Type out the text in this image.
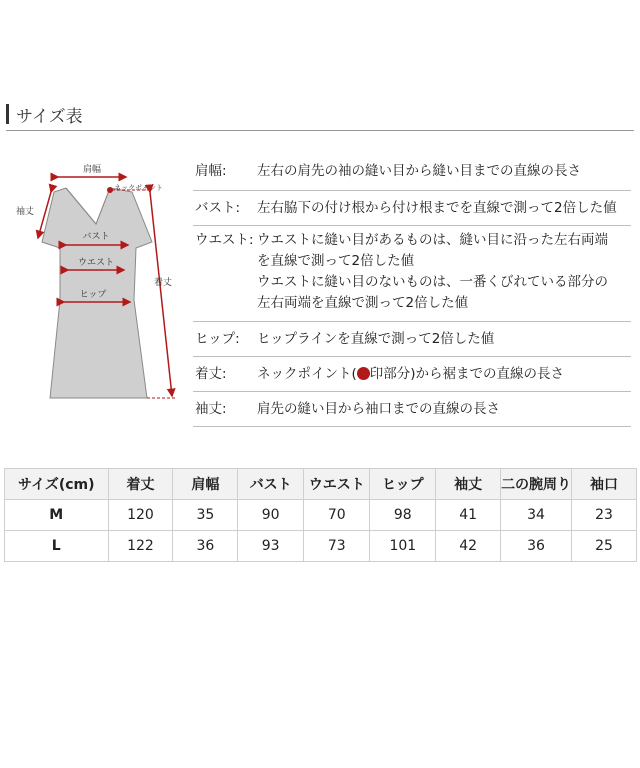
サイズ表
肩幅
ネックポイント
袖丈
バスト
ウエスト
ヒップ
着丈
肩幅:	左右の肩先の袖の縫い目から縫い目までの直線の長さ
バスト:	左右脇下の付け根から付け根までを直線で測って2倍した値
ウエスト: ウエストに縫い目があるものは、縫い目に沿った左右両端
を直線で測って2倍した値
ウエストに縫い目のないものは、一番くびれている部分の
左右両端を直線で測って2倍した値
ヒップ:	ヒップラインを直線で測って2倍した値
着丈:	ネックポイント( 印部分)から裾までの直線の長さ
袖丈:	肩先の縫い目から袖口までの直線の長さ
サイズ(cm)	着丈	肩幅	バスト	ウエスト	ヒップ	袖丈	二の腕周り	袖口
M	120	35	90	70	98	41	34	23
L	122	36	93	73	101	42	36	25
